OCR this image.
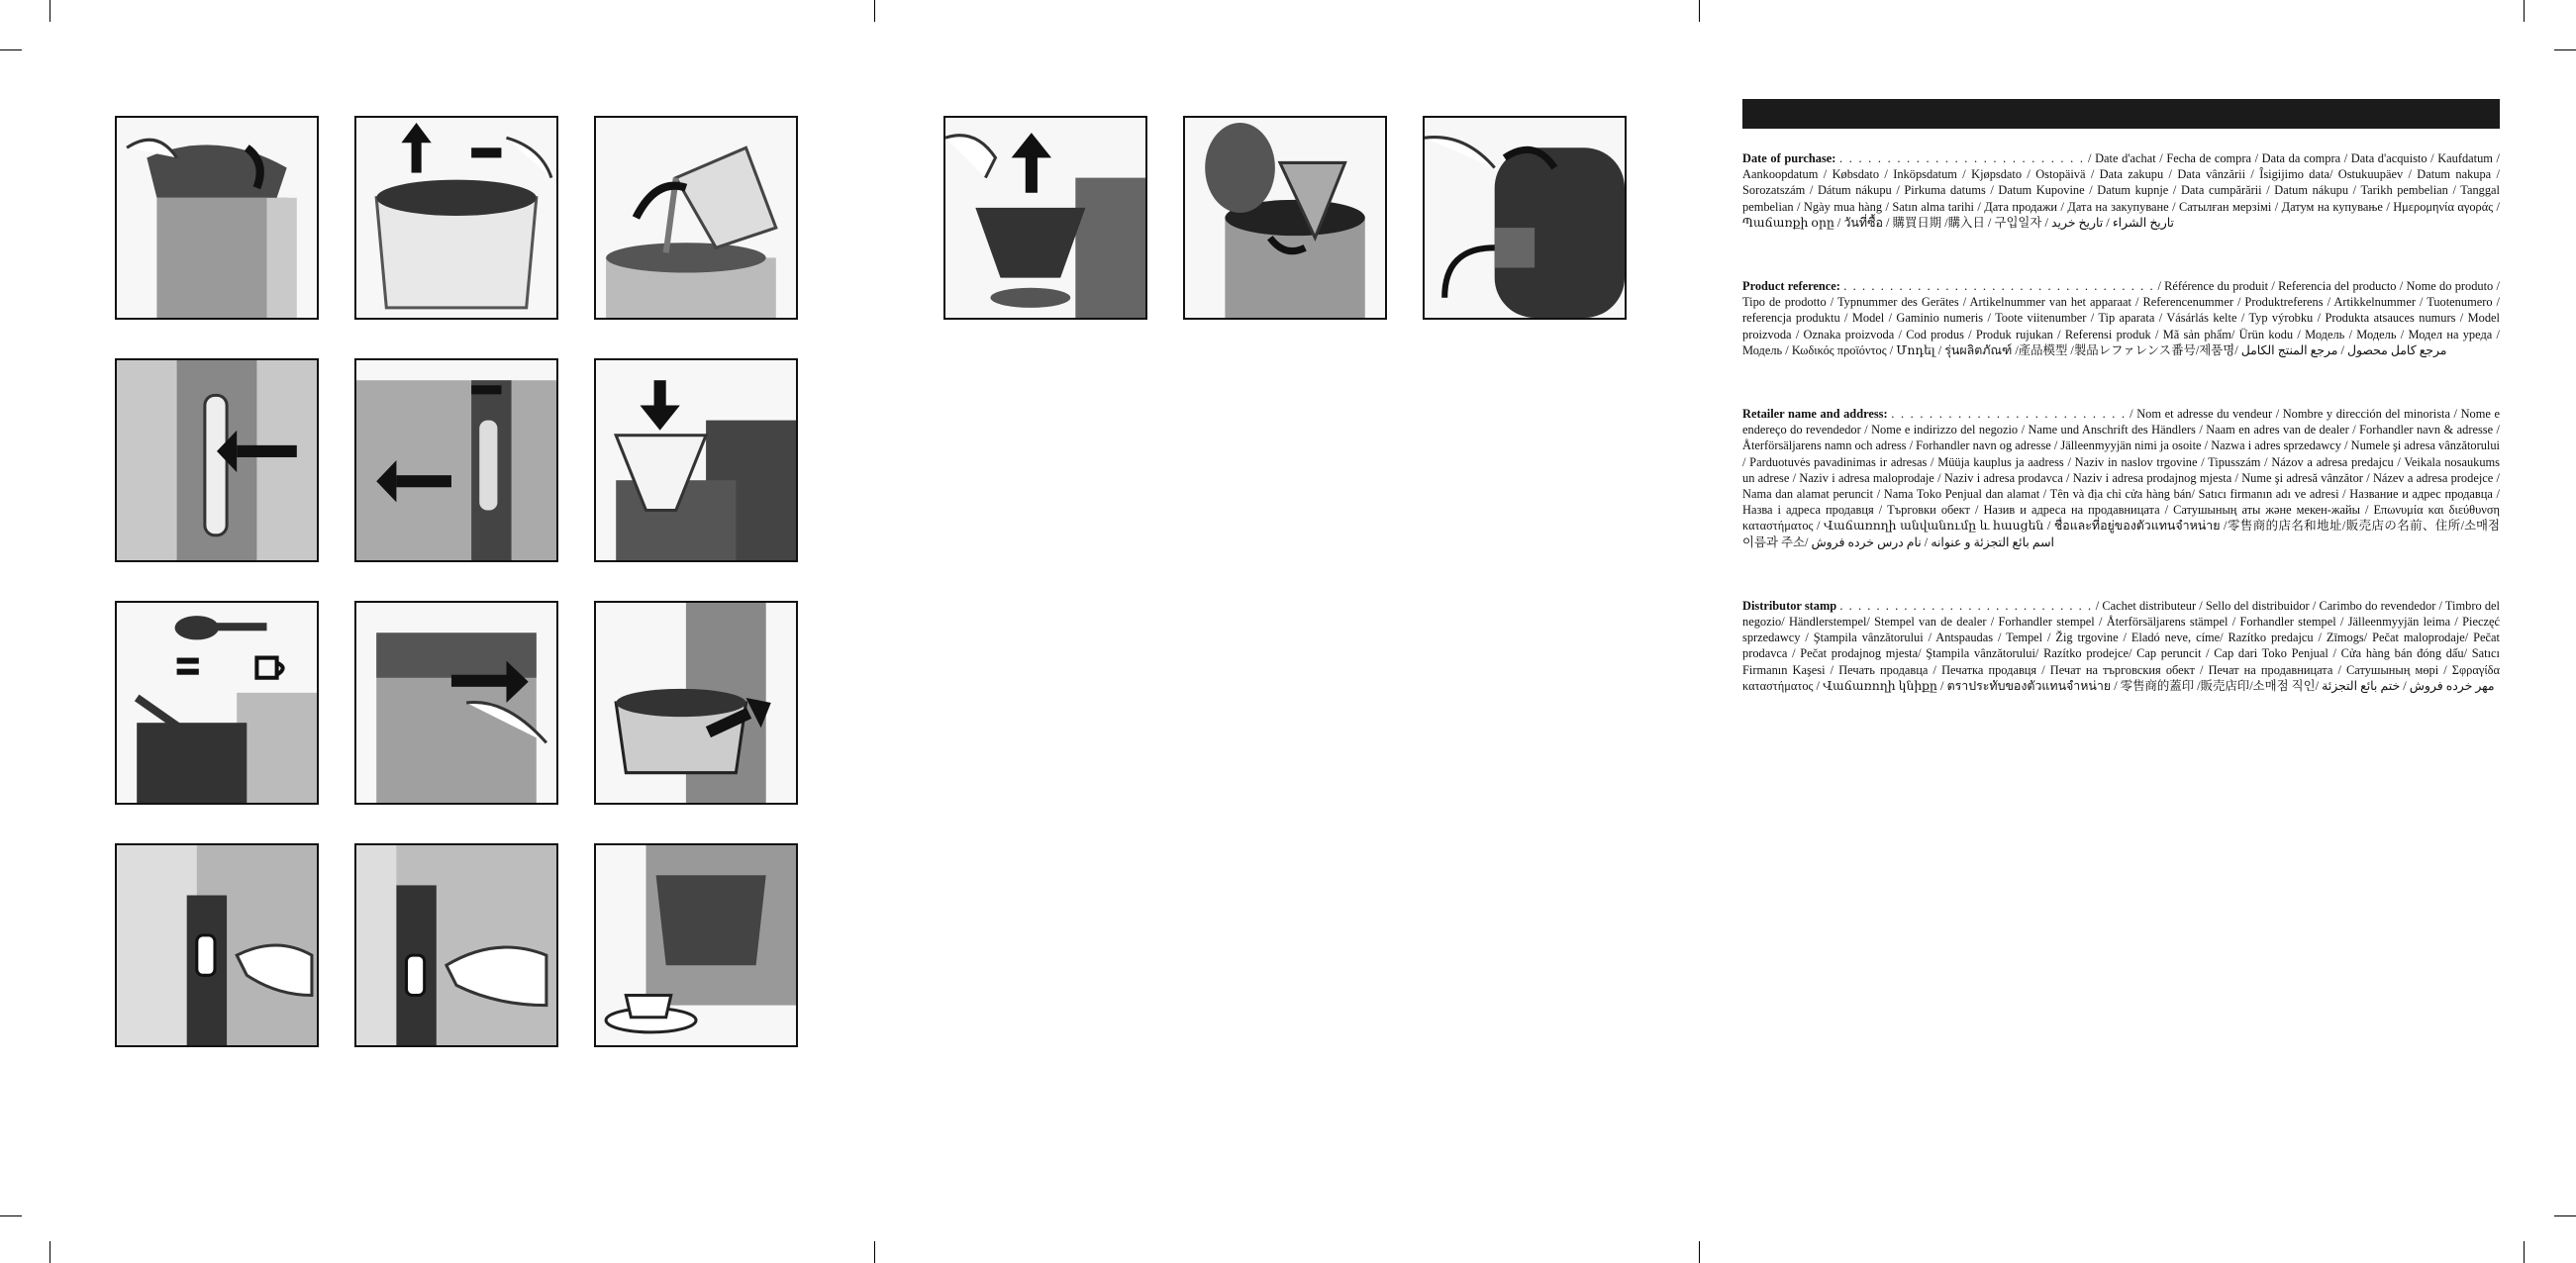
Date of purchase: . . . . . . . . . . . . . . . . . . . . . . . . . . / Date d'achat / Fecha de compra / Data da compra / Data d'acquisto / Kaufdatum / Aankoopdatum / Købsdato / Inköpsdatum / Kjøpsdato / Ostopäivä / Data zakupu / Data vânzării / Ȋsigijimo data/ Ostukuupäev / Datum nakupa / Sorozatszám / Dátum nákupu / Pirkuma datums / Datum Kupovine / Datum kupnje / Data cumpărării / Datum nákupu / Tarikh pembelian / Tanggal pembelian / Ngày mua hàng / Satın alma tarihi / Дата продажи / Дата на закупуване / Сатылған мерзімі / Датум на купување / Ημερομηνία αγοράς / Պաճառքի օրը / วันที่ซื้อ / 購買日期 /購入日 / 구입일자 / تاريخ الشراء / تاريخ خريد
Product reference: . . . . . . . . . . . . . . . . . . . . . . . . . . . . . . . . . . / Référence du produit / Referencia del producto / Nome do produto / Tipo de prodotto / Typnummer des Gerätes / Artikelnummer van het apparaat / Referencenummer / Produktreferens / Artikkelnummer / Tuotenumero / referencja produktu / Model / Gaminio numeris / Toote viitenumber / Tip aparata / Vásárlás kelte / Typ výrobku / Produkta atsauces numurs / Model proizvoda / Oznaka proizvoda / Cod produs / Produk rujukan / Referensi produk / Mã sản phẩm/ Ürün kodu / Модель / Модель / Модел на уреда / Модель / Κωδικός προϊόντος / Մոդել / รุ่นผลิตภัณฑ์ /產品模型 /製品レファレンス番号/제품명/ مرجع كامل محصول / مرجع المنتج الكامل
Retailer name and address: . . . . . . . . . . . . . . . . . . . . . . . . . / Nom et adresse du vendeur / Nombre y dirección del minorista / Nome e endereço do revendedor / Nome e indirizzo del negozio / Name und Anschrift des Händlers / Naam en adres van de dealer / Forhandler navn & adresse / Återförsäljarens namn och adress / Forhandler navn og adresse / Jälleenmyyjän nimi ja osoite / Nazwa i adres sprzedawcy / Numele şi adresa vânzătorului / Parduotuvės pavadinimas ir adresas / Müüja kauplus ja aadress / Naziv in naslov trgovine / Tipusszám / Názov a adresa predajcu / Veikala nosaukums un adrese / Naziv i adresa maloprodaje / Naziv i adresa prodavca / Naziv i adresa prodajnog mjesta / Nume şi adresă vânzător / Název a adresa prodejce / Nama dan alamat peruncit / Nama Toko Penjual dan alamat / Tên và địa chỉ cửa hàng bán/ Satıcı firmanın adı ve adresi / Название и адрес продавца / Назва і адреса продавця / Търговки обект / Назив и адреса на продавницата / Сатушының аты және мекен-жайы / Επωνυμία και διεύθυνση καταστήματος / Վաճառողի անվանումը և հասցեն / ชื่อและที่อยู่ของตัวแทนจำหน่าย /零售商的店名和地址/販売店の名前、住所/소매점 이름과 주소/ اسم بائع التجزئة و عنوانه / نام درس خرده فروش
Distributor stamp . . . . . . . . . . . . . . . . . . . . . . . . . . . . / Cachet distributeur / Sello del distribuidor / Carimbo do revendedor / Timbro del negozio/ Händlerstempel/ Stempel van de dealer / Forhandler stempel / Återförsäljarens stämpel / Forhandler stempel / Jälleenmyyjän leima / Pieczęć sprzedawcy / Ştampila vânzătorului / Antspaudas / Tempel / Žig trgovine / Eladó neve, címe/ Razítko predajcu / Zīmogs/ Pečat maloprodaje/ Pečat prodavca / Pečat prodajnog mjesta/ Ştampila vânzătorului/ Razítko prodejce/ Cap peruncit / Cap dari Toko Penjual / Cửa hàng bán đóng dấu/ Satıcı Firmanın Kaşesi / Печать продавца / Печатка продавця / Печат на търговския обект / Печат на продавницата / Сатушының мөрі / Σφραγίδα καταστήματος / Վաճառողի կնիքը / ตราประทับของตัวแทนจำหน่าย / 零售商的蓋印 /販売店印/소매점 직인/ مهر خرده فروش / ختم بائع التجزئة
